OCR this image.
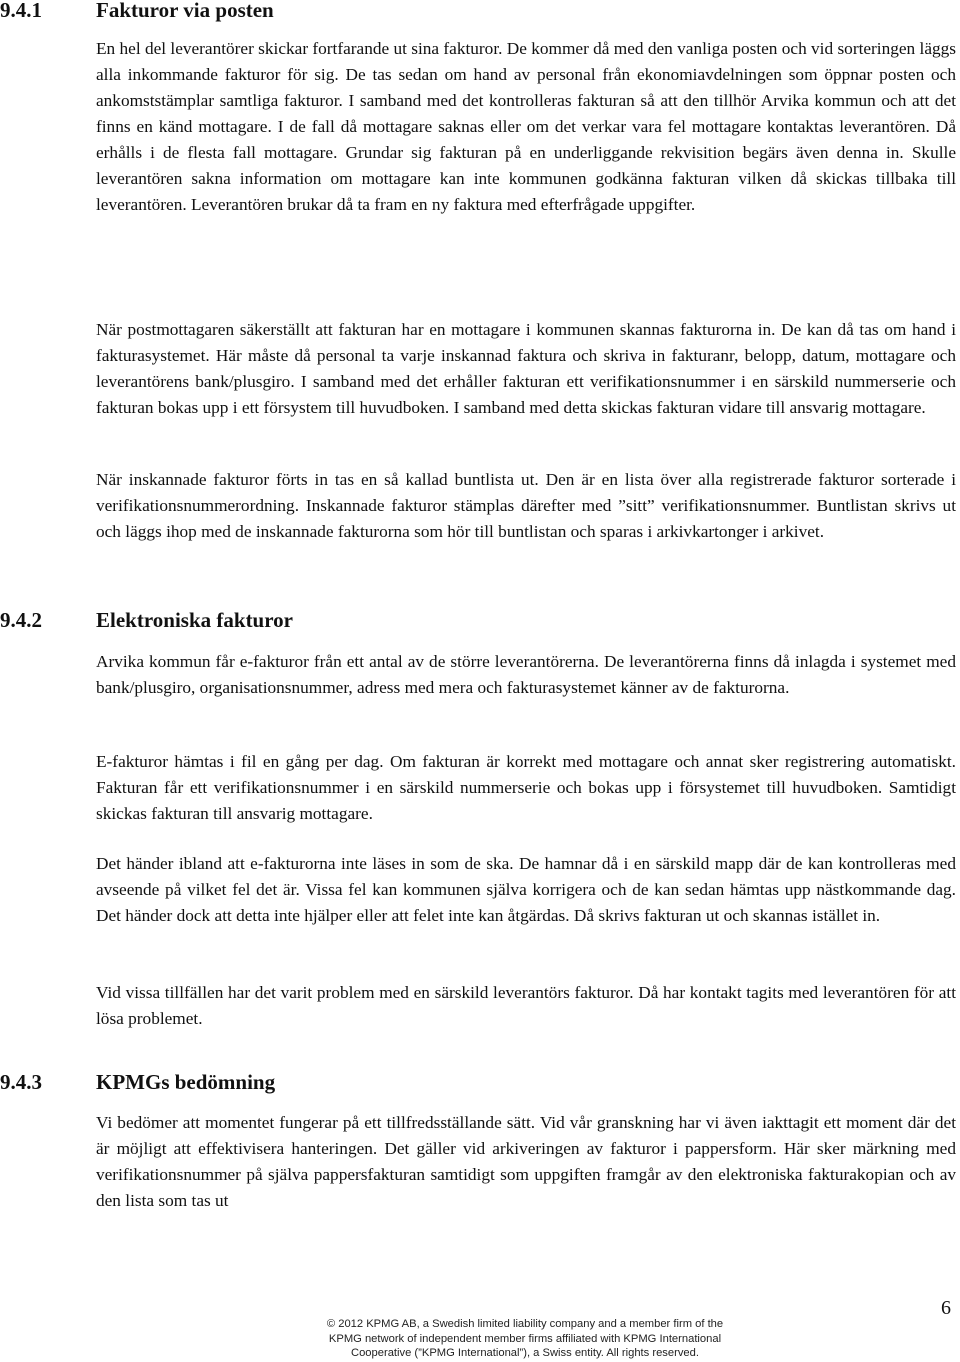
9.4.1	Fakturor via posten

En hel del leverantörer skickar fortfarande ut sina fakturor. De kommer då med den vanliga posten och vid sorteringen läggs alla inkommande fakturor för sig. De tas sedan om hand av personal från ekonomiavdelningen som öppnar posten och ankomststämplar samtliga fakturor. I samband med det kontrolleras fakturan så att den tillhör Arvika kommun och att det finns en känd mottagare. I de fall då mottagare saknas eller om det verkar vara fel mottagare kontaktas leverantören. Då erhålls i de flesta fall mottagare. Grundar sig fakturan på en underliggande rekvisition begärs även denna in. Skulle leverantören sakna information om mottagare kan inte kommunen godkänna fakturan vilken då skickas tillbaka till leverantören. Leverantören brukar då ta fram en ny faktura med efterfrågade uppgifter.

När postmottagaren säkerställt att fakturan har en mottagare i kommunen skannas fakturorna in. De kan då tas om hand i fakturasystemet. Här måste då personal ta varje inskannad faktura och skriva in fakturanr, belopp, datum, mottagare och leverantörens bank/plusgiro. I samband med det erhåller fakturan ett verifikationsnummer i en särskild nummerserie och fakturan bokas upp i ett försystem till huvudboken. I samband med detta skickas fakturan vidare till ansvarig mottagare.

När inskannade fakturor förts in tas en så kallad buntlista ut. Den är en lista över alla registrerade fakturor sorterade i verifikationsnummerordning. Inskannade fakturor stämplas därefter med ”sitt” verifikationsnummer. Buntlistan skrivs ut och läggs ihop med de inskannade fakturorna som hör till buntlistan och sparas i arkivkartonger i arkivet.

9.4.2	Elektroniska fakturor

Arvika kommun får e-fakturor från ett antal av de större leverantörerna. De leverantörerna finns då inlagda i systemet med bank/plusgiro, organisationsnummer, adress med mera och fakturasystemet känner av de fakturorna.

E-fakturor hämtas i fil en gång per dag. Om fakturan är korrekt med mottagare och annat sker registrering automatiskt. Fakturan får ett verifikationsnummer i en särskild nummerserie och bokas upp i försystemet till huvudboken. Samtidigt skickas fakturan till ansvarig mottagare.

Det händer ibland att e-fakturorna inte läses in som de ska. De hamnar då i en särskild mapp där de kan kontrolleras med avseende på vilket fel det är. Vissa fel kan kommunen själva korrigera och de kan sedan hämtas upp nästkommande dag. Det händer dock att detta inte hjälper eller att felet inte kan åtgärdas. Då skrivs fakturan ut och skannas istället in.

Vid vissa tillfällen har det varit problem med en särskild leverantörs fakturor. Då har kontakt tagits med leverantören för att lösa problemet.

9.4.3	KPMGs bedömning

Vi bedömer att momentet fungerar på ett tillfredsställande sätt. Vid vår granskning har vi även iakttagit ett moment där det är möjligt att effektivisera hanteringen. Det gäller vid arkiveringen av fakturor i pappersform. Här sker märkning med verifikationsnummer på själva pappersfakturan samtidigt som uppgiften framgår av den elektroniska fakturakopian och av den lista som tas ut

© 2012 KPMG AB, a Swedish limited liability company and a member firm of the
KPMG network of independent member firms affiliated with KPMG International
Cooperative (”KPMG International”), a Swiss entity. All rights reserved.
6
